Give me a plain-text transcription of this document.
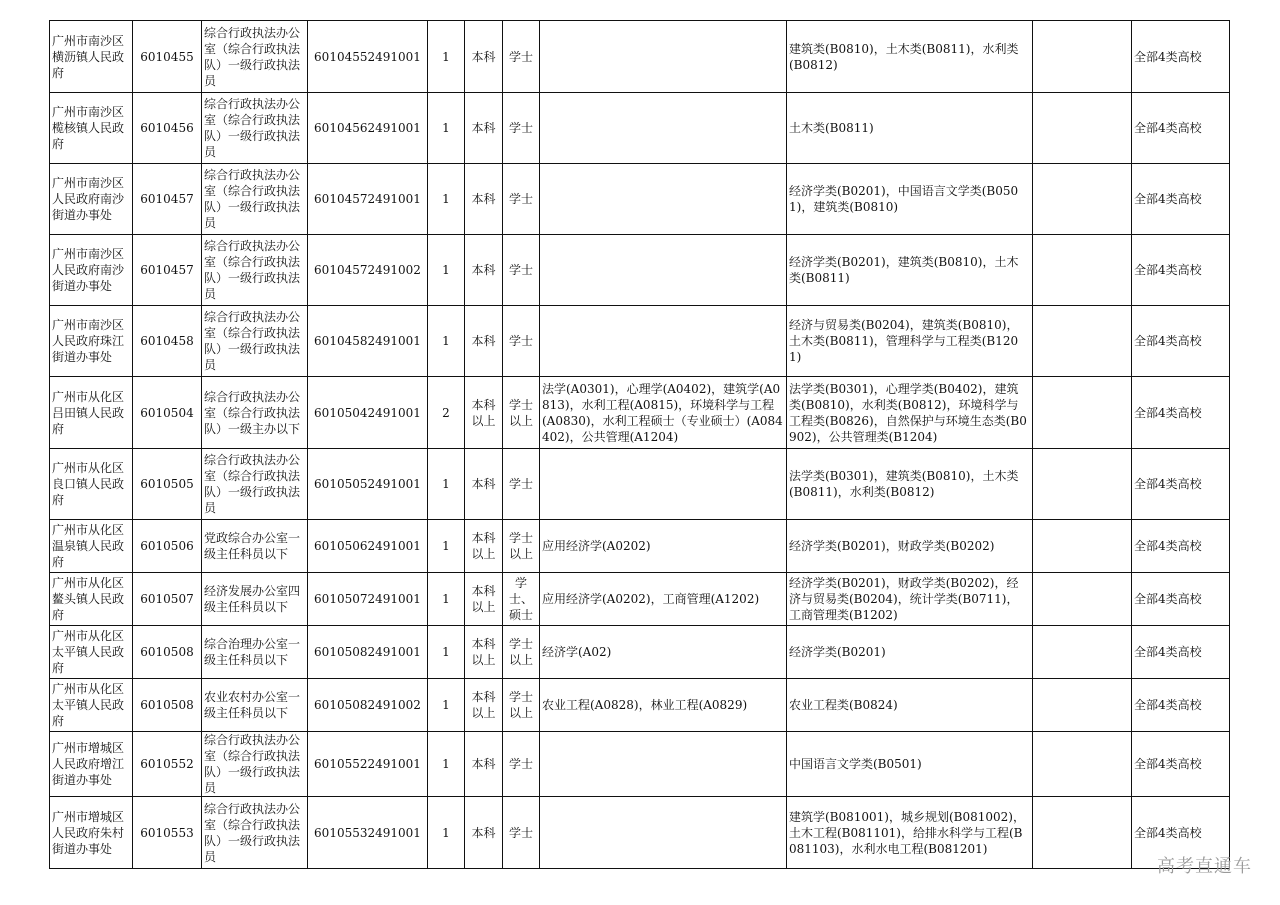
广州市南沙区横沥镇人民政府	6010455	综合行政执法办公室（综合行政执法队）一级行政执法员	60104552491001	1	本科	学士		建筑类(B0810)，土木类(B0811)，水利类(B0812)		全部4类高校
广州市南沙区榄核镇人民政府	6010456	综合行政执法办公室（综合行政执法队）一级行政执法员	60104562491001	1	本科	学士		土木类(B0811)		全部4类高校
广州市南沙区人民政府南沙街道办事处	6010457	综合行政执法办公室（综合行政执法队）一级行政执法员	60104572491001	1	本科	学士		经济学类(B0201)，中国语言文学类(B0501)，建筑类(B0810)		全部4类高校
广州市南沙区人民政府南沙街道办事处	6010457	综合行政执法办公室（综合行政执法队）一级行政执法员	60104572491002	1	本科	学士		经济学类(B0201)，建筑类(B0810)，土木类(B0811)		全部4类高校
广州市南沙区人民政府珠江街道办事处	6010458	综合行政执法办公室（综合行政执法队）一级行政执法员	60104582491001	1	本科	学士		经济与贸易类(B0204)，建筑类(B0810)，土木类(B0811)，管理科学与工程类(B1201)		全部4类高校
广州市从化区吕田镇人民政府	6010504	综合行政执法办公室（综合行政执法队）一级主办以下	60105042491001	2	本科以上	学士以上	法学(A0301)，心理学(A0402)，建筑学(A0813)，水利工程(A0815)，环境科学与工程(A0830)，水利工程硕士（专业硕士）(A084402)，公共管理(A1204)	法学类(B0301)，心理学类(B0402)，建筑类(B0810)，水利类(B0812)，环境科学与工程类(B0826)，自然保护与环境生态类(B0902)，公共管理类(B1204)		全部4类高校
广州市从化区良口镇人民政府	6010505	综合行政执法办公室（综合行政执法队）一级行政执法员	60105052491001	1	本科	学士		法学类(B0301)，建筑类(B0810)，土木类(B0811)，水利类(B0812)		全部4类高校
广州市从化区温泉镇人民政府	6010506	党政综合办公室一级主任科员以下	60105062491001	1	本科以上	学士以上	应用经济学(A0202)	经济学类(B0201)，财政学类(B0202)		全部4类高校
广州市从化区鳌头镇人民政府	6010507	经济发展办公室四级主任科员以下	60105072491001	1	本科以上	学士、硕士	应用经济学(A0202)，工商管理(A1202)	经济学类(B0201)，财政学类(B0202)，经济与贸易类(B0204)，统计学类(B0711)，工商管理类(B1202)		全部4类高校
广州市从化区太平镇人民政府	6010508	综合治理办公室一级主任科员以下	60105082491001	1	本科以上	学士以上	经济学(A02)	经济学类(B0201)		全部4类高校
广州市从化区太平镇人民政府	6010508	农业农村办公室一级主任科员以下	60105082491002	1	本科以上	学士以上	农业工程(A0828)，林业工程(A0829)	农业工程类(B0824)		全部4类高校
广州市增城区人民政府增江街道办事处	6010552	综合行政执法办公室（综合行政执法队）一级行政执法员	60105522491001	1	本科	学士		中国语言文学类(B0501)		全部4类高校
广州市增城区人民政府朱村街道办事处	6010553	综合行政执法办公室（综合行政执法队）一级行政执法员	60105532491001	1	本科	学士		建筑学(B081001)，城乡规划(B081002)，土木工程(B081101)，给排水科学与工程(B081103)，水利水电工程(B081201)		全部4类高校
高考直通车
